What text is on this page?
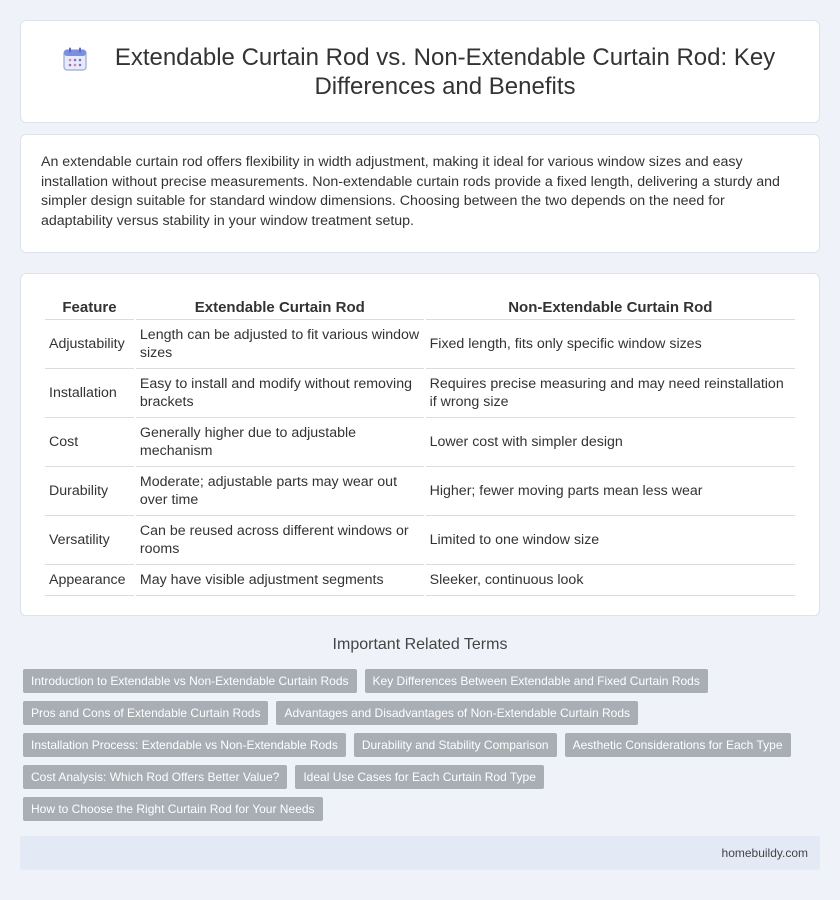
Extendable Curtain Rod vs. Non-Extendable Curtain Rod: Key Differences and Benefits

An extendable curtain rod offers flexibility in width adjustment, making it ideal for various window sizes and easy installation without precise measurements. Non-extendable curtain rods provide a fixed length, delivering a sturdy and simpler design suitable for standard window dimensions. Choosing between the two depends on the need for adaptability versus stability in your window treatment setup.

Feature	Extendable Curtain Rod	Non-Extendable Curtain Rod
Adjustability	Length can be adjusted to fit various window sizes	Fixed length, fits only specific window sizes
Installation	Easy to install and modify without removing brackets	Requires precise measuring and may need reinstallation if wrong size
Cost	Generally higher due to adjustable mechanism	Lower cost with simpler design
Durability	Moderate; adjustable parts may wear out over time	Higher; fewer moving parts mean less wear
Versatility	Can be reused across different windows or rooms	Limited to one window size
Appearance	May have visible adjustment segments	Sleeker, continuous look
Important Related Terms
Introduction to Extendable vs Non-Extendable Curtain Rods	Key Differences Between Extendable and Fixed Curtain Rods
Pros and Cons of Extendable Curtain Rods	Advantages and Disadvantages of Non-Extendable Curtain Rods
Installation Process: Extendable vs Non-Extendable Rods	Durability and Stability Comparison	Aesthetic Considerations for Each Type
Cost Analysis: Which Rod Offers Better Value?	Ideal Use Cases for Each Curtain Rod Type
How to Choose the Right Curtain Rod for Your Needs
homebuildy.com
